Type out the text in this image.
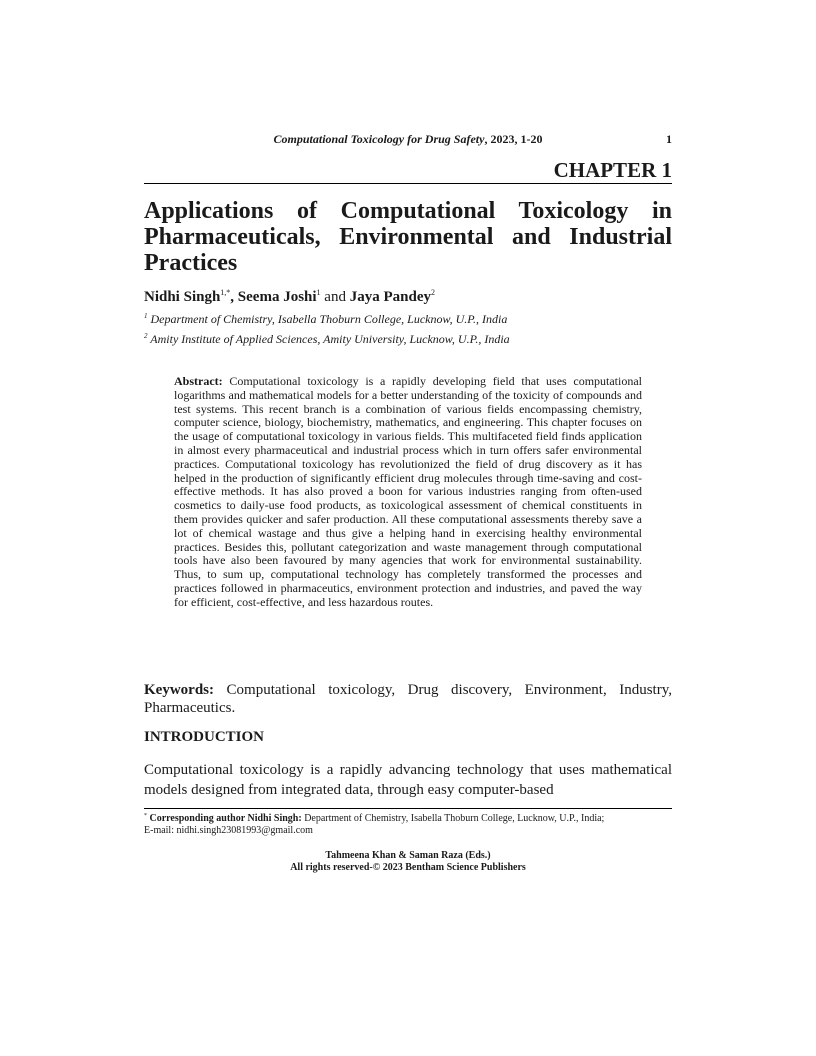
Computational Toxicology for Drug Safety, 2023, 1-20	1
CHAPTER 1
Applications of Computational Toxicology in Pharmaceuticals, Environmental and Industrial Practices
Nidhi Singh$^{1,*}$, Seema Joshi$^1$ and Jaya Pandey$^2$
$^1$ Department of Chemistry, Isabella Thoburn College, Lucknow, U.P., India
$^2$ Amity Institute of Applied Sciences, Amity University, Lucknow, U.P., India

Abstract: Computational toxicology is a rapidly developing field that uses computational logarithms and mathematical models for a better understanding of the toxicity of compounds and test systems. This recent branch is a combination of various fields encompassing chemistry, computer science, biology, biochemistry, mathematics, and engineering. This chapter focuses on the usage of computational toxicology in various fields. This multifaceted field finds application in almost every pharmaceutical and industrial process which in turn offers safer environmental practices. Computational toxicology has revolutionized the field of drug discovery as it has helped in the production of significantly efficient drug molecules through time-saving and cost-effective methods. It has also proved a boon for various industries ranging from often-used cosmetics to daily-use food products, as toxicological assessment of chemical constituents in them provides quicker and safer production. All these computational assessments thereby save a lot of chemical wastage and thus give a helping hand in exercising healthy environmental practices. Besides this, pollutant categorization and waste management through computational tools have also been favoured by many agencies that work for environmental sustainability. Thus, to sum up, computational technology has completely transformed the processes and practices followed in pharmaceutics, environment protection and industries, and paved the way for efficient, cost-effective, and less hazardous routes.

Keywords: Computational toxicology, Drug discovery, Environment, Industry, Pharmaceutics.

INTRODUCTION

Computational toxicology is a rapidly advancing technology that uses mathematical models designed from integrated data, through easy computer-based

* Corresponding author Nidhi Singh: Department of Chemistry, Isabella Thoburn College, Lucknow, U.P., India;
E-mail: nidhi.singh23081993@gmail.com

Tahmeena Khan & Saman Raza (Eds.)
All rights reserved-© 2023 Bentham Science Publishers
